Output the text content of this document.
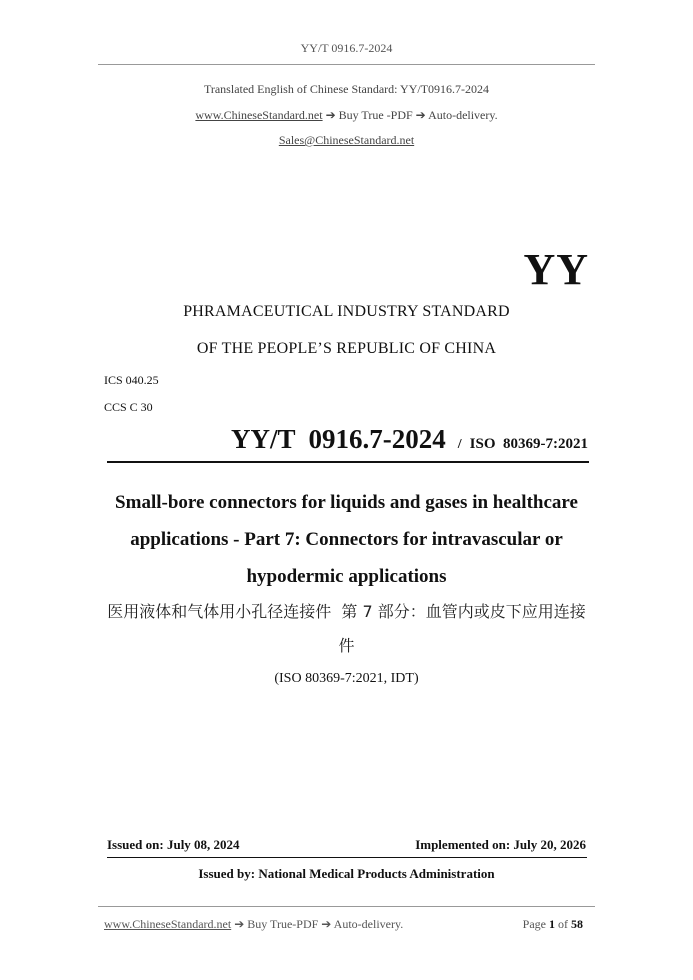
YY/T 0916.7-2024
Translated English of Chinese Standard: YY/T0916.7-2024
www.ChineseStandard.net ➔ Buy True -PDF ➔ Auto-delivery.
Sales@ChineseStandard.net
YY
PHRAMACEUTICAL INDUSTRY STANDARD
OF THE PEOPLE’S REPUBLIC OF CHINA
ICS 040.25
CCS C 30
YY/T  0916.7-2024 / ISO  80369-7:2021
Small-bore connectors for liquids and gases in healthcare
applications - Part 7: Connectors for intravascular or
hypodermic applications
医用液体和气体用小孔径连接件  第 7 部分：血管内或皮下应用连接
件
(ISO 80369-7:2021, IDT)
Issued on: July 08, 2024	Implemented on: July 20, 2026
Issued by: National Medical Products Administration
www.ChineseStandard.net ➔ Buy True-PDF ➔ Auto-delivery.	Page 1 of 58
